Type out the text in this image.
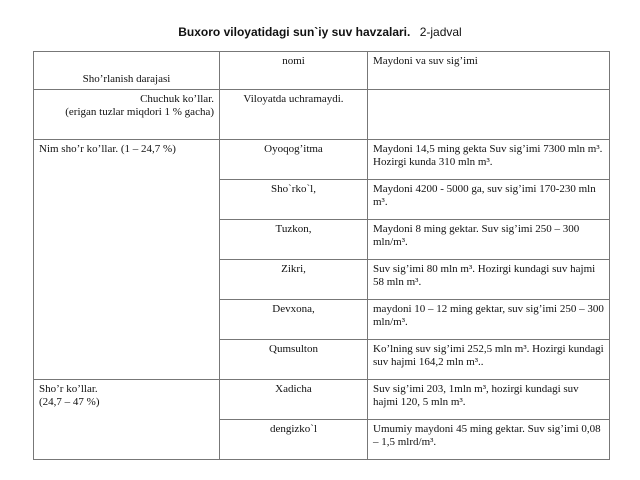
Buxoro viloyatidagi sun`iy suv havzalari. 2-jadval
Sho’rlanish darajasi	nomi	Maydoni va suv sig’imi
Chuchuk ko’llar.
(erigan tuzlar miqdori 1 % gacha)	Viloyatda uchramaydi.	
Nim sho’r ko’llar. (1 – 24,7 %)	Oyoqog’itma	Maydoni 14,5 ming gekta Suv sig’imi 7300 mln m³. Hozirgi kunda 310 mln m³.
	Sho`rko`l,	Maydoni 4200 - 5000 ga, suv sig’imi 170-230 mln m³.
	Tuzkon,	Maydoni 8 ming gektar. Suv sig’imi 250 – 300 mln/m³.
	Zikri,	Suv sig’imi 80 mln m³. Hozirgi kundagi suv hajmi 58 mln m³.
	Devxona,	maydoni 10 – 12 ming gektar, suv sig’imi 250 – 300 mln/m³.
	Qumsulton	Ko’lning suv sig’imi 252,5 mln m³. Hozirgi kundagi suv hajmi 164,2 mln m³..
Sho’r ko’llar.
(24,7 – 47 %)	Xadicha	Suv sig’imi 203, 1mln m³, hozirgi kundagi suv hajmi 120, 5 mln m³.
	dengizko`l	Umumiy maydoni 45 ming gektar. Suv sig’imi 0,08 – 1,5 mlrd/m³.
